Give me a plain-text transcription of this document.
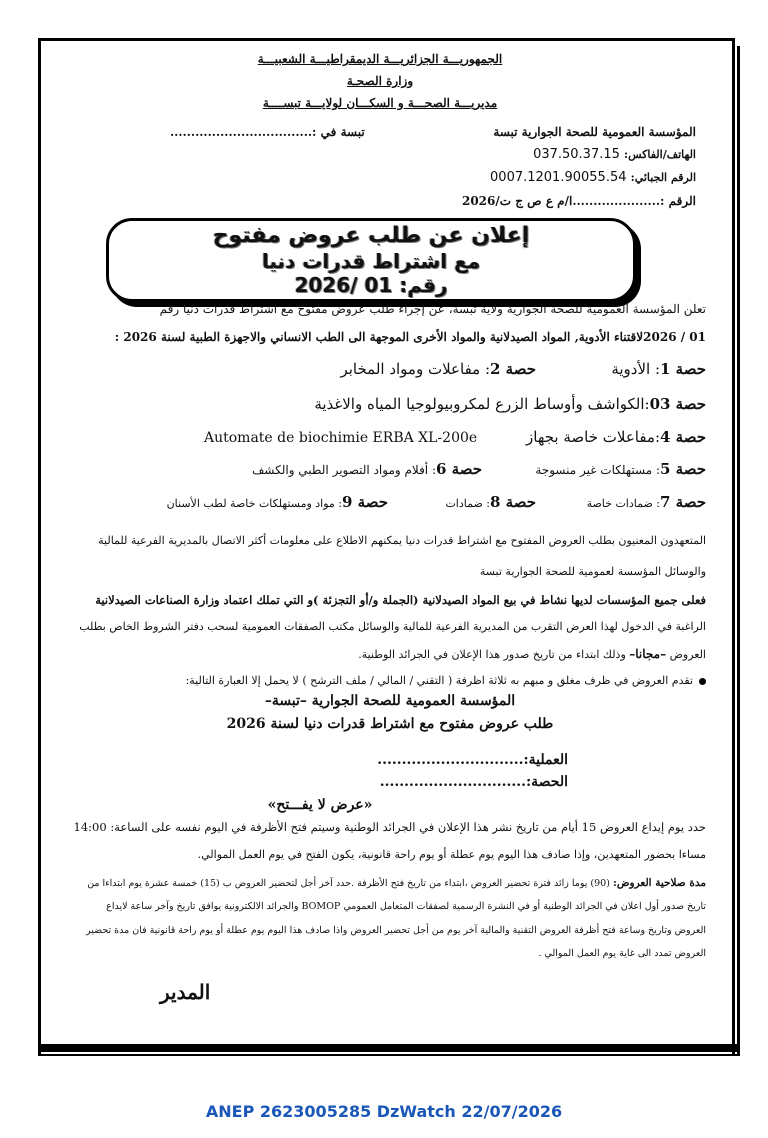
الجمهوريـــة الجزائريـــة الديمقراطيـــة الشعبيـــة
وزارة الصحـة
مديريـــة الصحـــة و السكـــان لولايـــة تبســــة
المؤسسة العمومية للصحة الجوارية تبسة
الهاتف/الفاكس: 037.50.37.15
الرقم الجبائي: 0007.1201.90055.54
الرقم :.....................ا/م ع ص ج ت/2026
تبسة في :..................................
إعلان عن طلب عروض مفتوح
مع اشتراط قدرات دنيا
رقم: 01 /2026
تعلن المؤسسة العمومية للصحة الجوارية ولاية تبسة، عن إجراء طلب عروض مفتوح مع اشتراط قدرات دنيا رقم
01 / 2026لاقتناء الأدوية, المواد الصيدلانية والمواد الأخرى الموجهة الى الطب الانساني والاجهزة الطبية لسنة 2026 :
حصة 1: الأدوية
حصة 2: مفاعلات ومواد المخابر
حصة 03:الكواشف وأوساط الزرع لمكروبيولوجيا المياه والاغذية
حصة 4:مفاعلات خاصة بجهاز
Automate de biochimie ERBA XL-200e
حصة 5: مستهلكات غير منسوجة
حصة 6: أفلام ومواد التصوير الطبي والكشف
حصة 7: ضمادات خاصة
حصة 8: ضمادات
حصة 9: مواد ومستهلكات خاصة لطب الأسنان
المتعهدون المعنيون بطلب العروض المفتوح مع اشتراط قدرات دنيا يمكنهم الاطلاع على معلومات أكثر الاتصال بالمديرية الفرعية للمالية
والوسائل المؤسسة لعمومية للصحة الجوارية تبسة
فعلى جميع المؤسسات لديها نشاط في بيع المواد الصيدلانية (الجملة و/أو التجزئة )و التي تملك اعتماد وزارة الصناعات الصيدلانية
الراغبة في الدخول لهذا العرض التقرب من المديرية الفرعية للمالية والوسائل مكتب الصفقات العمومية لسحب دفتر الشروط الخاص بطلب
العروض –مجانا– وذلك ابتداء من تاريخ صدور هذا الإعلان في الجرائد الوطنية.
تقدم العروض في ظرف مغلق و مبهم به ثلاثة اظرفة ( التقني / المالي / ملف الترشح ) لا يحمل إلا العبارة التالية:
المؤسسة العمومية للصحة الجوارية –تبسة–
طلب عروض مفتوح مع اشتراط قدرات دنيا لسنة 2026
العملية:..............................
الحصة:..............................
«عرض لا يفـــتح»
حدد يوم إيداع العروض 15 أيام من تاريخ نشر هذا الإعلان في الجرائد الوطنية وسيتم فتح الأظرفة في اليوم نفسه على الساعة: 14:00
مساءا بحضور المتعهدين، وإذا صادف هذا اليوم يوم عطلة أو يوم راحة قانونية، يكون الفتح في يوم العمل الموالي.
مدة صلاحية العروض: (90) يوما زائد فترة تحضير العروض ،ابتداء من تاريخ فتح الأظرفة .حدد آخر أجل لتحضير العروض ب (15) خمسة عشرة يوم ابتداءا من
تاريخ صدور أول اعلان في الجرائد الوطنية أو في النشرة الرسمية لصفقات المتعامل العمومي BOMOP والجرائد الالكترونية يوافق تاريخ وآخر ساعة لايداع
العروض وتاريخ وساعة فتح أظرفة العروض التقنية والمالية آخر يوم من أجل تحضير العروض واذا صادف هذا اليوم يوم عطلة أو يوم راحة قانونية فان مدة تحضير
العروض تمدد الى غاية يوم العمل الموالي .
المدير
ANEP 2623005285 DzWatch 22/07/2026
